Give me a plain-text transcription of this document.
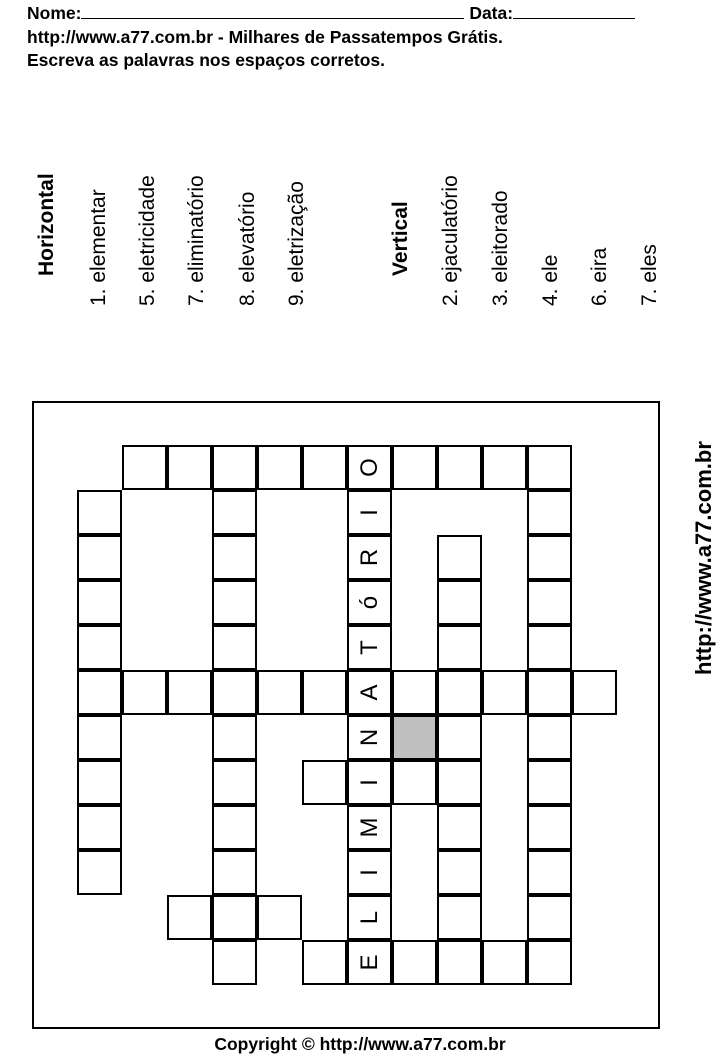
Nome:	Data:
http://www.a77.com.br - Milhares de Passatempos Grátis.
Escreva as palavras nos espaços corretos.
Horizontal 1. elementar 5. eletricidade 7. eliminatório 8. elevatório 9. eletrização	Vertical 2. ejaculatório 3. eleitorado 4. ele 6. eira 7. eles
O
A
E
I
R
ó
T
N
I
M
I
L
http://www.a77.com.br
Copyright © http://www.a77.com.br
